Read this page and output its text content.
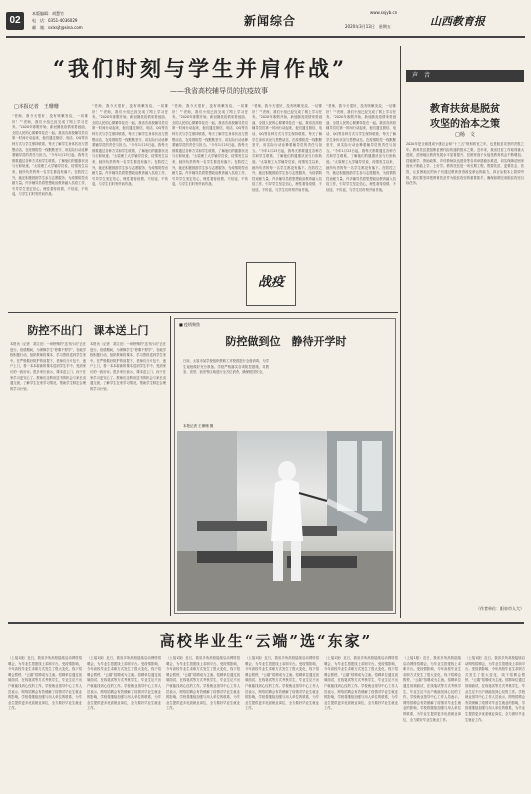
02
本版编辑：胡慧竹
电　话：0351-4036029
邮　箱：sxlxsjt@sina.com	新闻综合
www.sxjyb.cn
2020年3月13日　星期五	山西教育报

“我们时刻与学生并肩作战”
——我省高校辅导员的抗疫故事
□本报记者　王珊珊
“老师，我今天很好，没有咳嗽发烧，一切都好！”“老师，我们小组已经完成了网上学习任务。”2020年寒假开始，新冠肺炎疫情来势汹汹，全国人民的心紧紧牵挂在一起。我省各高校辅导员们第一时间行动起来，他们通过微信、电话、QQ等各种方式与学生保持联系，每天了解学生身体状况与思想动态，在疫情防控一线默默坚守，用实际行动诠释着辅导员的责任与担当。“今年1月23日起，我每天都要通过各种方式和学生联系，了解他们的健康状况与行踪轨迹。”太原理工大学辅导员说，疫情发生以来，她所负责的每一名学生都没有落下。在防控之外，她还积极鼓励学生参与志愿服务，为疫情防控贡献力量。许多辅导员将思想政治教育融入抗疫工作，引导学生坚定信心，理性看待疫情，不信谣、不传谣，与学生们时刻并肩作战。
“老师，我今天很好，没有咳嗽发烧，一切都好！”“老师，我们小组已经完成了网上学习任务。”2020年寒假开始，新冠肺炎疫情来势汹汹，全国人民的心紧紧牵挂在一起。我省各高校辅导员们第一时间行动起来，他们通过微信、电话、QQ等各种方式与学生保持联系，每天了解学生身体状况与思想动态，在疫情防控一线默默坚守，用实际行动诠释着辅导员的责任与担当。“今年1月23日起，我每天都要通过各种方式和学生联系，了解他们的健康状况与行踪轨迹。”太原理工大学辅导员说，疫情发生以来，她所负责的每一名学生都没有落下。在防控之外，她还积极鼓励学生参与志愿服务，为疫情防控贡献力量。许多辅导员将思想政治教育融入抗疫工作，引导学生坚定信心，理性看待疫情，不信谣、不传谣，与学生们时刻并肩作战。
“老师，我今天很好，没有咳嗽发烧，一切都好！”“老师，我们小组已经完成了网上学习任务。”2020年寒假开始，新冠肺炎疫情来势汹汹，全国人民的心紧紧牵挂在一起。我省各高校辅导员们第一时间行动起来，他们通过微信、电话、QQ等各种方式与学生保持联系，每天了解学生身体状况与思想动态，在疫情防控一线默默坚守，用实际行动诠释着辅导员的责任与担当。“今年1月23日起，我每天都要通过各种方式和学生联系，了解他们的健康状况与行踪轨迹。”太原理工大学辅导员说，疫情发生以来，她所负责的每一名学生都没有落下。在防控之外，她还积极鼓励学生参与志愿服务，为疫情防控贡献力量。许多辅导员将思想政治教育融入抗疫工作，引导学生坚定信心，理性看待疫情，不信谣、不传谣，与学生们时刻并肩作战。
“老师，我今天很好，没有咳嗽发烧，一切都好！”“老师，我们小组已经完成了网上学习任务。”2020年寒假开始，新冠肺炎疫情来势汹汹，全国人民的心紧紧牵挂在一起。我省各高校辅导员们第一时间行动起来，他们通过微信、电话、QQ等各种方式与学生保持联系，每天了解学生身体状况与思想动态，在疫情防控一线默默坚守，用实际行动诠释着辅导员的责任与担当。“今年1月23日起，我每天都要通过各种方式和学生联系，了解他们的健康状况与行踪轨迹。”太原理工大学辅导员说，疫情发生以来，她所负责的每一名学生都没有落下。在防控之外，她还积极鼓励学生参与志愿服务，为疫情防控贡献力量。许多辅导员将思想政治教育融入抗疫工作，引导学生坚定信心，理性看待疫情，不信谣、不传谣，与学生们时刻并肩作战。
“老师，我今天很好，没有咳嗽发烧，一切都好！”“老师，我们小组已经完成了网上学习任务。”2020年寒假开始，新冠肺炎疫情来势汹汹，全国人民的心紧紧牵挂在一起。我省各高校辅导员们第一时间行动起来，他们通过微信、电话、QQ等各种方式与学生保持联系，每天了解学生身体状况与思想动态，在疫情防控一线默默坚守，用实际行动诠释着辅导员的责任与担当。“今年1月23日起，我每天都要通过各种方式和学生联系，了解他们的健康状况与行踪轨迹。”太原理工大学辅导员说，疫情发生以来，她所负责的每一名学生都没有落下。在防控之外，她还积极鼓励学生参与志愿服务，为疫情防控贡献力量。许多辅导员将思想政治教育融入抗疫工作，引导学生坚定信心，理性看待疫情，不信谣、不传谣，与学生们时刻并肩作战。
声　音
教育扶贫是脱贫
攻坚的治本之策
□杨　文
2020年是全面建成小康社会和“十三五”规划收官之年，也是脱贫攻坚的决胜之年。教育扶贫是阻断贫困代际传递的根本之策。近年来，我省扶贫工作取得重大进展，贫困地区教育发展水平显著提升，贫困家庭子女接受教育机会不断增加。控辍保学、资助政策、乡村教师队伍建设等各项举措稳步推进，切实保障贫困家庭孩子都能上学、上好学。教育扶贫是一项长期工程，既要扶贫，更要扶志、扶智，让贫困地区的孩子们通过教育获得改变命运的能力，真正从根本上拔掉穷根。我们要坚持把教育扶贫作为脱贫攻坚的重要抓手，确保如期完成脱贫攻坚目标任务。
（作者单位：阳泉市人大）
防控不出门　课本送上门
本报讯（记者　胡文亮）一场特殊的“送书行动”正在进行。疫情期间，为保障学生“停课不停学”，各地学校积极行动，组织教师将课本、学习资料送到学生家中。在严格做好防护的前提下，老师们分片包干，逐户上门，将一本本崭新的课本送到学生手中，受到家长的一致好评。很多家长表示，课本送上门，孩子在家学习更安心了。教师们还利用送书的机会与家长沟通交流，了解学生在家学习情况，帮助学生制定合理的学习计划。
本报讯（记者　胡文亮）一场特殊的“送书行动”正在进行。疫情期间，为保障学生“停课不停学”，各地学校积极行动，组织教师将课本、学习资料送到学生家中。在严格做好防护的前提下，老师们分片包干，逐户上门，将一本本崭新的课本送到学生手中，受到家长的一致好评。很多家长表示，课本送上门，孩子在家学习更安心了。教师们还利用送书的机会与家长沟通交流，了解学生在家学习情况，帮助学生制定合理的学习计划。
战疫
■ 疫情聚焦
防控做到位　静待开学时
日前，太原市某学校组织教职工对校园进行全面消毒，为学生返校做好充分准备。学校严格落实各项防控措施，对教室、食堂、宿舍等区域进行全方位消杀，确保校园安全。
本报记者 王珊珊 摄
高校毕业生“云端”选“东家”
（上接1版）近日，我省多所高校陆续启动网络招聘会，为毕业生搭建线上求职平台。受疫情影响，今年高校毕业生求职方式发生了很大变化，线下招聘会暂停，“云端”招聘成为主流。招聘单位通过视频面试、在线笔试等方式考核学生，毕业生足不出户就能找到心仪的工作。学校就业指导中心工作人员表示，网络招聘会有效缓解了疫情对毕业生就业的影响，学校将继续加强与用人单位的联系，为毕业生提供更多优质就业岗位，全力做好毕业生就业工作。
（上接1版）近日，我省多所高校陆续启动网络招聘会，为毕业生搭建线上求职平台。受疫情影响，今年高校毕业生求职方式发生了很大变化，线下招聘会暂停，“云端”招聘成为主流。招聘单位通过视频面试、在线笔试等方式考核学生，毕业生足不出户就能找到心仪的工作。学校就业指导中心工作人员表示，网络招聘会有效缓解了疫情对毕业生就业的影响，学校将继续加强与用人单位的联系，为毕业生提供更多优质就业岗位，全力做好毕业生就业工作。
（上接1版）近日，我省多所高校陆续启动网络招聘会，为毕业生搭建线上求职平台。受疫情影响，今年高校毕业生求职方式发生了很大变化，线下招聘会暂停，“云端”招聘成为主流。招聘单位通过视频面试、在线笔试等方式考核学生，毕业生足不出户就能找到心仪的工作。学校就业指导中心工作人员表示，网络招聘会有效缓解了疫情对毕业生就业的影响，学校将继续加强与用人单位的联系，为毕业生提供更多优质就业岗位，全力做好毕业生就业工作。
（上接1版）近日，我省多所高校陆续启动网络招聘会，为毕业生搭建线上求职平台。受疫情影响，今年高校毕业生求职方式发生了很大变化，线下招聘会暂停，“云端”招聘成为主流。招聘单位通过视频面试、在线笔试等方式考核学生，毕业生足不出户就能找到心仪的工作。学校就业指导中心工作人员表示，网络招聘会有效缓解了疫情对毕业生就业的影响，学校将继续加强与用人单位的联系，为毕业生提供更多优质就业岗位，全力做好毕业生就业工作。
（上接1版）近日，我省多所高校陆续启动网络招聘会，为毕业生搭建线上求职平台。受疫情影响，今年高校毕业生求职方式发生了很大变化，线下招聘会暂停，“云端”招聘成为主流。招聘单位通过视频面试、在线笔试等方式考核学生，毕业生足不出户就能找到心仪的工作。学校就业指导中心工作人员表示，网络招聘会有效缓解了疫情对毕业生就业的影响，学校将继续加强与用人单位的联系，为毕业生提供更多优质就业岗位，全力做好毕业生就业工作。
（上接1版）近日，我省多所高校陆续启动网络招聘会，为毕业生搭建线上求职平台。受疫情影响，今年高校毕业生求职方式发生了很大变化，线下招聘会暂停，“云端”招聘成为主流。招聘单位通过视频面试、在线笔试等方式考核学生，毕业生足不出户就能找到心仪的工作。学校就业指导中心工作人员表示，网络招聘会有效缓解了疫情对毕业生就业的影响，学校将继续加强与用人单位的联系，为毕业生提供更多优质就业岗位，全力做好毕业生就业工作。
（上接1版）近日，我省多所高校陆续启动网络招聘会，为毕业生搭建线上求职平台。受疫情影响，今年高校毕业生求职方式发生了很大变化，线下招聘会暂停，“云端”招聘成为主流。招聘单位通过视频面试、在线笔试等方式考核学生，毕业生足不出户就能找到心仪的工作。学校就业指导中心工作人员表示，网络招聘会有效缓解了疫情对毕业生就业的影响，学校将继续加强与用人单位的联系，为毕业生提供更多优质就业岗位，全力做好毕业生就业工作。
